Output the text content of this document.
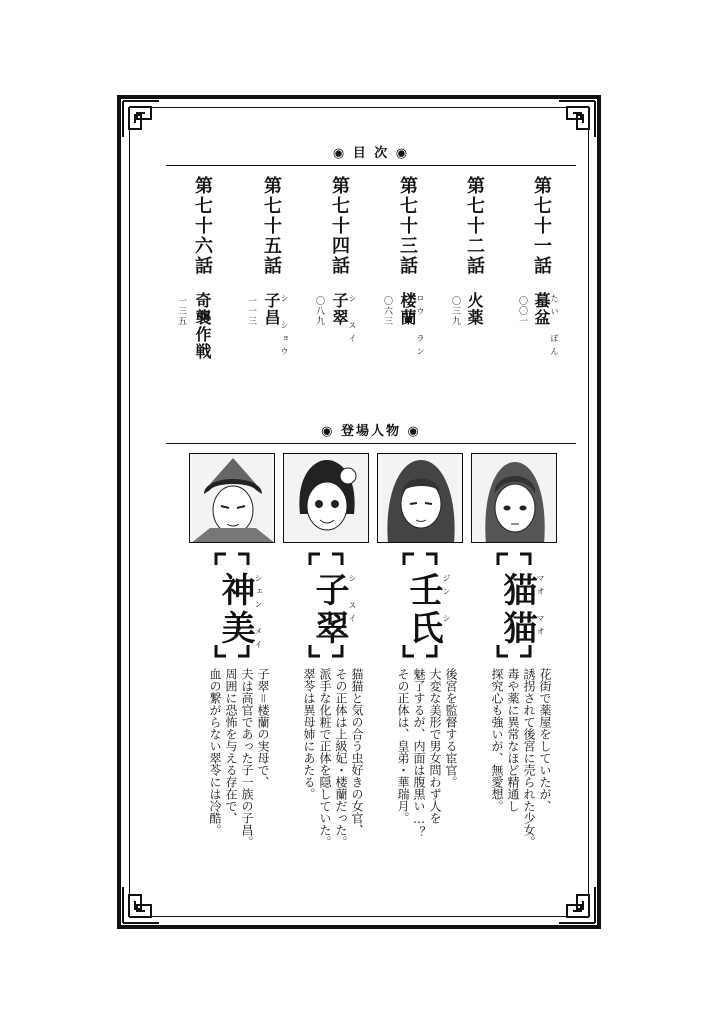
◉ 目 次 ◉
第七十一話
蟇盆 たい ぼん
〇〇一
第七十二話
火薬
〇三九
第七十三話
楼蘭 ロウ ラン
〇六三
第七十四話
子翠 シ スイ
〇八九
第七十五話
子昌 シ ショウ
一一三
第七十六話
奇襲作戦
一三五
◉ 登場人物 ◉
猫猫 マオ マオ
壬氏 ジン シ
子翠 シ スイ
神美 シェン メイ
花街で薬屋をしていたが、
誘拐されて後宮に売られた少女。
毒や薬に異常なほど精通し
探究心も強いが、無愛想。
後宮を監督する宦官。
大変な美形で男女問わず人を
魅了するが、内面は腹黒い…？
その正体は、皇弟・華瑞月。
猫猫と気の合う虫好きの女官、
その正体は上級妃・楼蘭だった。
派手な化粧で正体を隠していた。
翠苓は異母姉にあたる。
子翠＝楼蘭の実母で、
夫は高官であった子一族の子昌。
周囲に恐怖を与える存在で、
血の繋がらない翠苓には冷酷。
